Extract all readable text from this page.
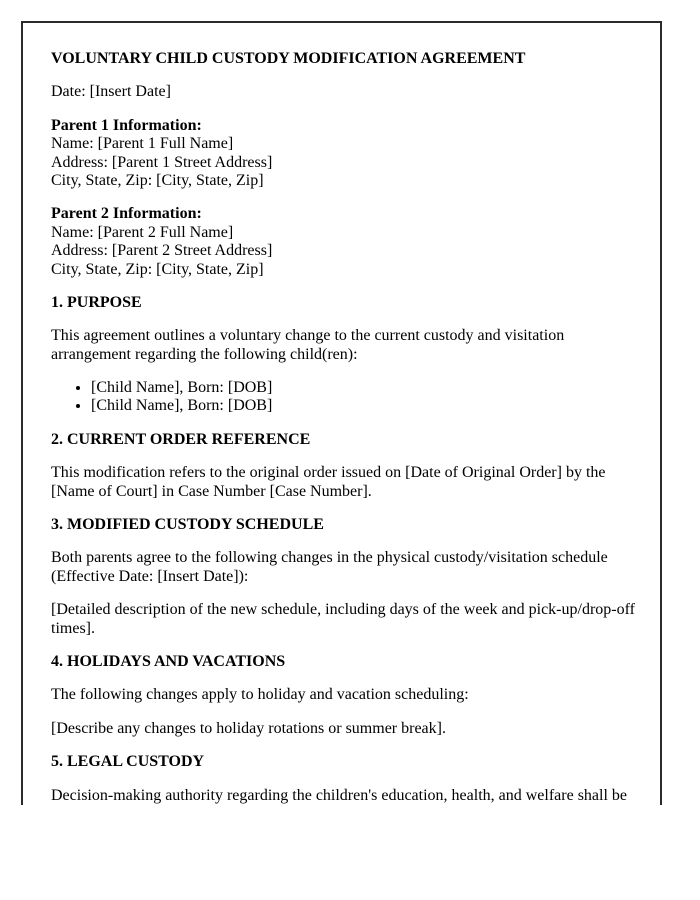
VOLUNTARY CHILD CUSTODY MODIFICATION AGREEMENT

Date: [Insert Date]

Parent 1 Information:
Name: [Parent 1 Full Name]
Address: [Parent 1 Street Address]
City, State, Zip: [City, State, Zip]

Parent 2 Information:
Name: [Parent 2 Full Name]
Address: [Parent 2 Street Address]
City, State, Zip: [City, State, Zip]

1. PURPOSE

This agreement outlines a voluntary change to the current custody and visitation arrangement regarding the following child(ren):

• [Child Name], Born: [DOB]
• [Child Name], Born: [DOB]

2. CURRENT ORDER REFERENCE

This modification refers to the original order issued on [Date of Original Order] by the [Name of Court] in Case Number [Case Number].

3. MODIFIED CUSTODY SCHEDULE

Both parents agree to the following changes in the physical custody/visitation schedule (Effective Date: [Insert Date]):

[Detailed description of the new schedule, including days of the week and pick-up/drop-off times].

4. HOLIDAYS AND VACATIONS

The following changes apply to holiday and vacation scheduling:

[Describe any changes to holiday rotations or summer break].

5. LEGAL CUSTODY

Decision-making authority regarding the children's education, health, and welfare shall be
